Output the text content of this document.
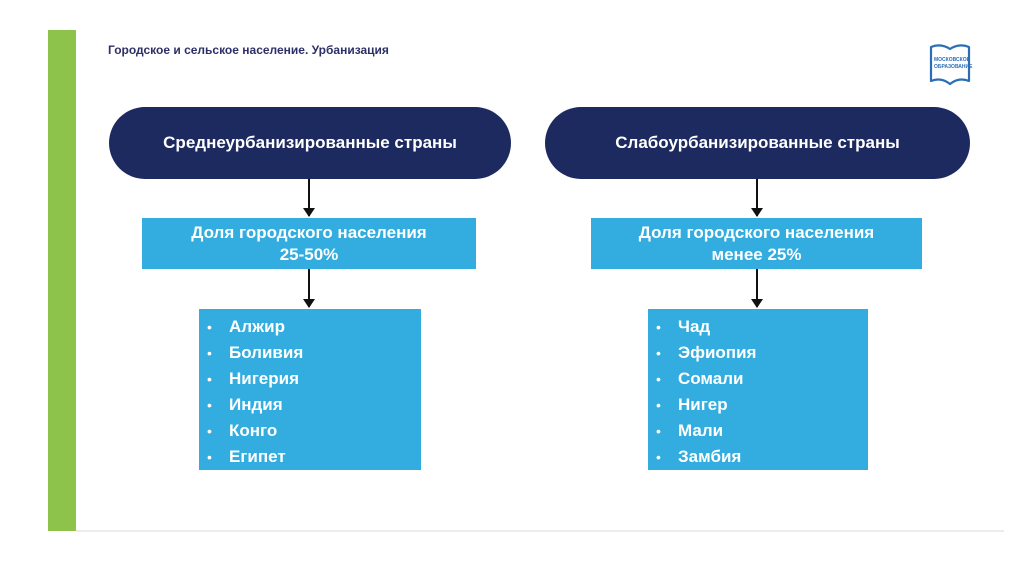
Городское и сельское население. Урбанизация
МОСКОВСКОЕ
ОБРАЗОВАНИЕ
Среднеурбанизированные страны
Доля городского населения
25-50%
• Алжир
• Боливия
• Нигерия
• Индия
• Конго
• Египет
Слабоурбанизированные страны
Доля городского населения
менее 25%
• Чад
• Эфиопия
• Сомали
• Нигер
• Мали
• Замбия
